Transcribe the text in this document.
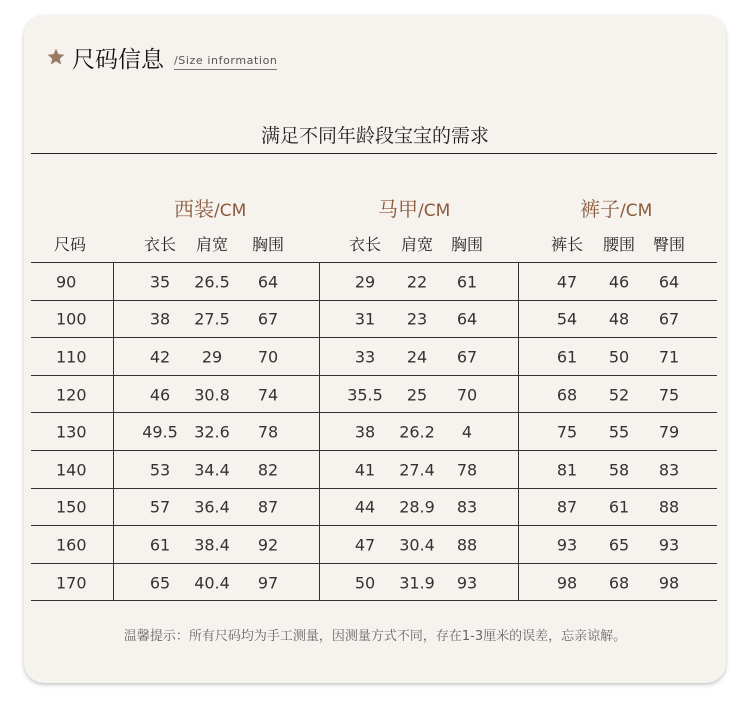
尺码信息 /Size information
满足不同年龄段宝宝的需求
西装/CM
衣长 肩宽 胸围
马甲/CM
衣长 肩宽 胸围
裤子/CM
裤长 腰围 臀围
尺码
90	35 26.5 64	29 22 61	47 46 64
100	38 27.5 67	31 23 64	54 48 67
110	42 29 70	33 24 67	61 50 71
120	46 30.8 74	35.5 25 70	68 52 75
130	49.5 32.6 78	38 26.2 4	75 55 79
140	53 34.4 82	41 27.4 78	81 58 83
150	57 36.4 87	44 28.9 83	87 61 88
160	61 38.4 92	47 30.4 88	93 65 93
170	65 40.4 97	50 31.9 93	98 68 98
温馨提示：所有尺码均为手工测量，因测量方式不同，存在1-3厘米的误差，忘亲谅解。
